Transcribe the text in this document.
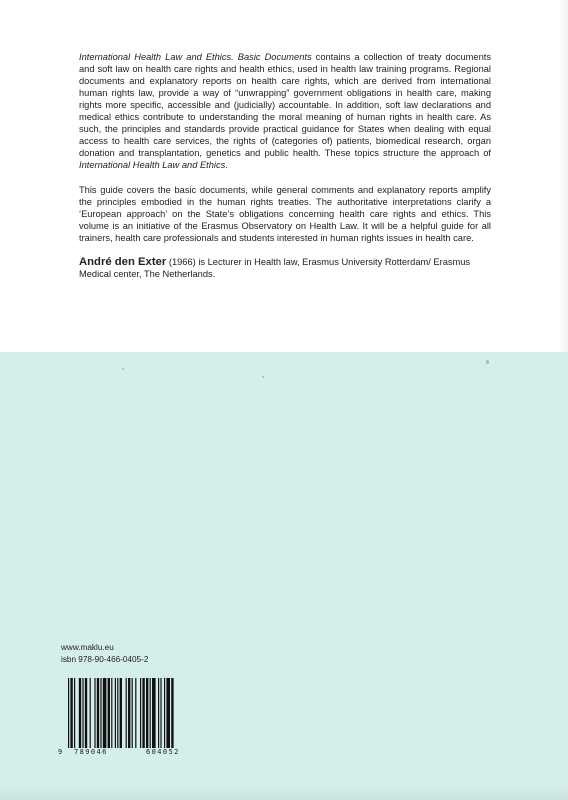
International Health Law and Ethics. Basic Documents contains a collection of treaty documents and soft law on health care rights and health ethics, used in health law training programs. Regional documents and explanatory reports on health care rights, which are derived from international human rights law, provide a way of “unwrapping” government obligations in health care, making rights more specific, accessible and (judicially) accountable. In addition, soft law declarations and medical ethics contribute to understanding the moral meaning of human rights in health care. As such, the principles and standards provide practical guidance for States when dealing with equal access to health care services, the rights of (categories of) patients, biomedical research, organ donation and transplantation, genetics and public health. These topics structure the approach of International Health Law and Ethics.

This guide covers the basic documents, while general comments and explanatory reports amplify the principles embodied in the human rights treaties. The authoritative interpretations clarify a ‘European approach’ on the State’s obligations concerning health care rights and ethics. This volume is an initiative of the Erasmus Observatory on Health Law. It will be a helpful guide for all trainers, health care professionals and students interested in human rights issues in health care.

André den Exter (1966) is Lecturer in Health law, Erasmus University Rotterdam/ Erasmus Medical center, The Netherlands.

www.maklu.eu
isbn 978-90-466-0405-2
9 789046	604052
